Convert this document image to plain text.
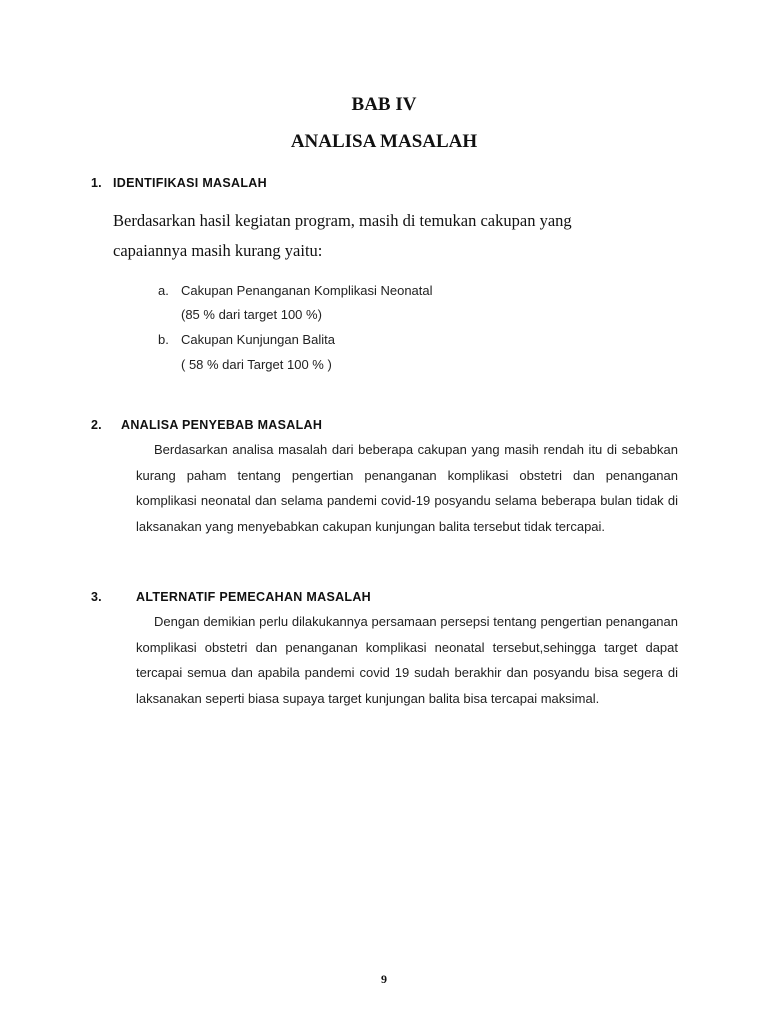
BAB IV
ANALISA MASALAH
1. IDENTIFIKASI MASALAH
Berdasarkan hasil kegiatan program, masih di temukan cakupan yang capaiannya masih kurang yaitu:
a. Cakupan Penanganan Komplikasi Neonatal
(85 % dari target 100 %)
b. Cakupan Kunjungan Balita
( 58 % dari Target 100 % )
2. ANALISA PENYEBAB MASALAH
Berdasarkan analisa masalah dari beberapa cakupan yang masih rendah itu di sebabkan kurang paham tentang pengertian penanganan komplikasi obstetri dan penanganan komplikasi neonatal dan selama pandemi covid-19 posyandu selama beberapa bulan tidak di laksanakan yang menyebabkan cakupan kunjungan balita tersebut tidak tercapai.
3.	ALTERNATIF PEMECAHAN MASALAH
Dengan demikian perlu dilakukannya persamaan persepsi tentang pengertian penanganan komplikasi obstetri dan penanganan komplikasi neonatal tersebut,sehingga target dapat tercapai semua dan apabila pandemi covid 19 sudah berakhir dan posyandu bisa segera di laksanakan seperti biasa supaya target kunjungan balita bisa tercapai maksimal.
9
